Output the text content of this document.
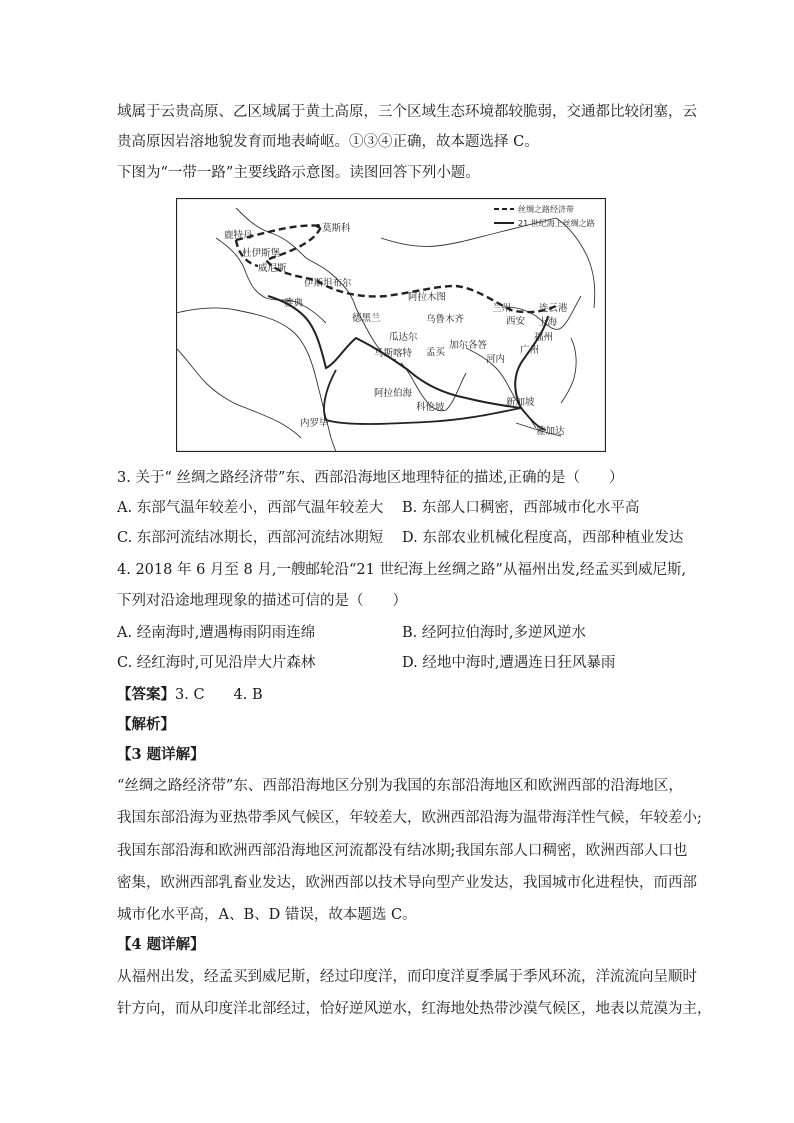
域属于云贵高原、乙区域属于黄土高原，三个区域生态环境都较脆弱，交通都比较闭塞，云
贵高原因岩溶地貌发育而地表崎岖。①③④正确，故本题选择 C。
下图为“一带一路”主要线路示意图。读图回答下列小题。
丝绸之路经济带
21 世纪海上丝绸之路
鹿特丹
莫斯科
杜伊斯堡
威尼斯
伊斯坦布尔
雅典
阿拉木图
乌鲁木齐
德黑兰
兰州
西安
连云港
上海
福州
广州
瓜达尔
马斯喀特 孟买
加尔各答
河内
阿拉伯海
科伦坡	新加坡
雅加达
内罗毕
3. 关于“ 丝绸之路经济带”东、西部沿海地区地理特征的描述,正确的是（　　）
A. 东部气温年较差小，西部气温年较差大 B. 东部人口稠密，西部城市化水平高
C. 东部河流结冰期长，西部河流结冰期短 D. 东部农业机械化程度高，西部种植业发达
4. 2018 年 6 月至 8 月,一艘邮轮沿“21 世纪海上丝绸之路”从福州出发,经孟买到威尼斯,
下列对沿途地理现象的描述可信的是（　　）
A. 经南海时,遭遇梅雨阴雨连绵	B. 经阿拉伯海时,多逆风逆水
C. 经红海时,可见沿岸大片森林	D. 经地中海时,遭遇连日狂风暴雨
【答案】3. C　　4. B
【解析】
【3 题详解】
“丝绸之路经济带”东、西部沿海地区分别为我国的东部沿海地区和欧洲西部的沿海地区，
我国东部沿海为亚热带季风气候区，年较差大，欧洲西部沿海为温带海洋性气候，年较差小;
我国东部沿海和欧洲西部沿海地区河流都没有结冰期;我国东部人口稠密，欧洲西部人口也
密集，欧洲西部乳畜业发达，欧洲西部以技术导向型产业发达，我国城市化进程快，而西部
城市化水平高，A、B、D 错误，故本题选 C。
【4 题详解】
从福州出发，经孟买到威尼斯，经过印度洋，而印度洋夏季属于季风环流，洋流流向呈顺时
针方向，而从印度洋北部经过，恰好逆风逆水，红海地处热带沙漠气候区，地表以荒漠为主，
